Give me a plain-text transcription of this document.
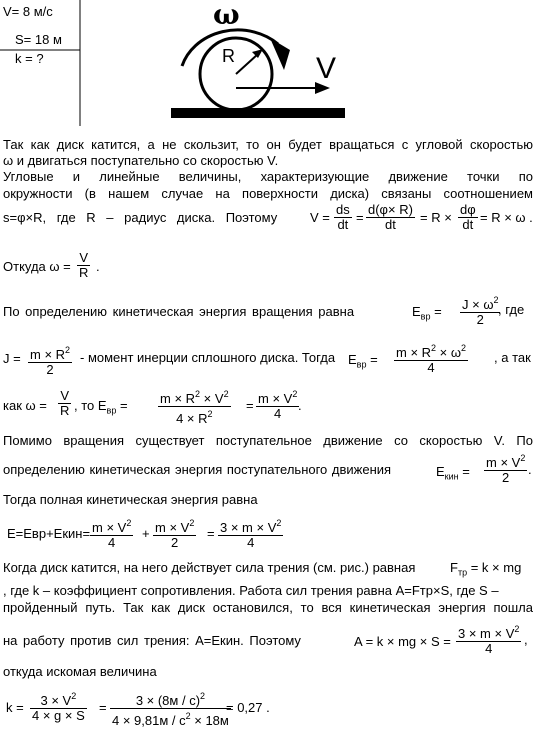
V= 8 м/с
S= 18 м
k = ?
ω
R	V
Так как диск катится, а не скользит, то он будет вращаться с угловой скоростью
ω и двигаться поступательно со скоростью V.
Угловые и линейные величины, характеризующие движение точки по
окружности (в нашем случае на поверхности диска) связаны соотношением
s=φ×R, где R – радиус диска. Поэтому	V =
ds
dt =
d(φ× R)
dt	= R ×
dφ
dt = R × ω .
Откуда ω =
V
R .
По определению кинетическая энергия вращения равна	$E_{вр} = J \times \omega^2$
2
, где
$J = m \times R^2$
2
- момент инерции сплошного диска. Тогда $E_{вр} = m \times R^2 \times \omega^2$
4
, а так
как ω =
V
R , то $E_{вр} = m \times R^2 \times V^2$
$4 \times R^2$
= $m \times V^2$
4
.
Помимо вращения существует поступательное движение со скоростью V. По
определению кинетическая энергия поступательного движения	$E_{кин}$ =
$m \times V^2$
2
.
Тогда полная кинетическая энергия равна
E=Eвр+Eкин= $m \times V^2$
4
+ $m \times V^2$
2
= $3 \times m \times V^2$
4
Когда диск катится, на него действует сила трения (см. рис.) равная	$F_{тр} = k$ × mg
, где k – коэффициент сопротивления. Работа сил трения равна A=Fтр×S, где S –
пройденный путь. Так как диск остановился, то вся кинетическая энергия пошла
на работу против сил трения: A=Eкин. Поэтому	A = k × mg × S =
$3 \times m \times V^2$
4
,
откуда искомая величина
k =	$3 \times V^2$
4 × g × S
=	3 × (8м / с)$^2$
$4 \times 9,81м / с^2 \times 18м$
= 0,27 .
